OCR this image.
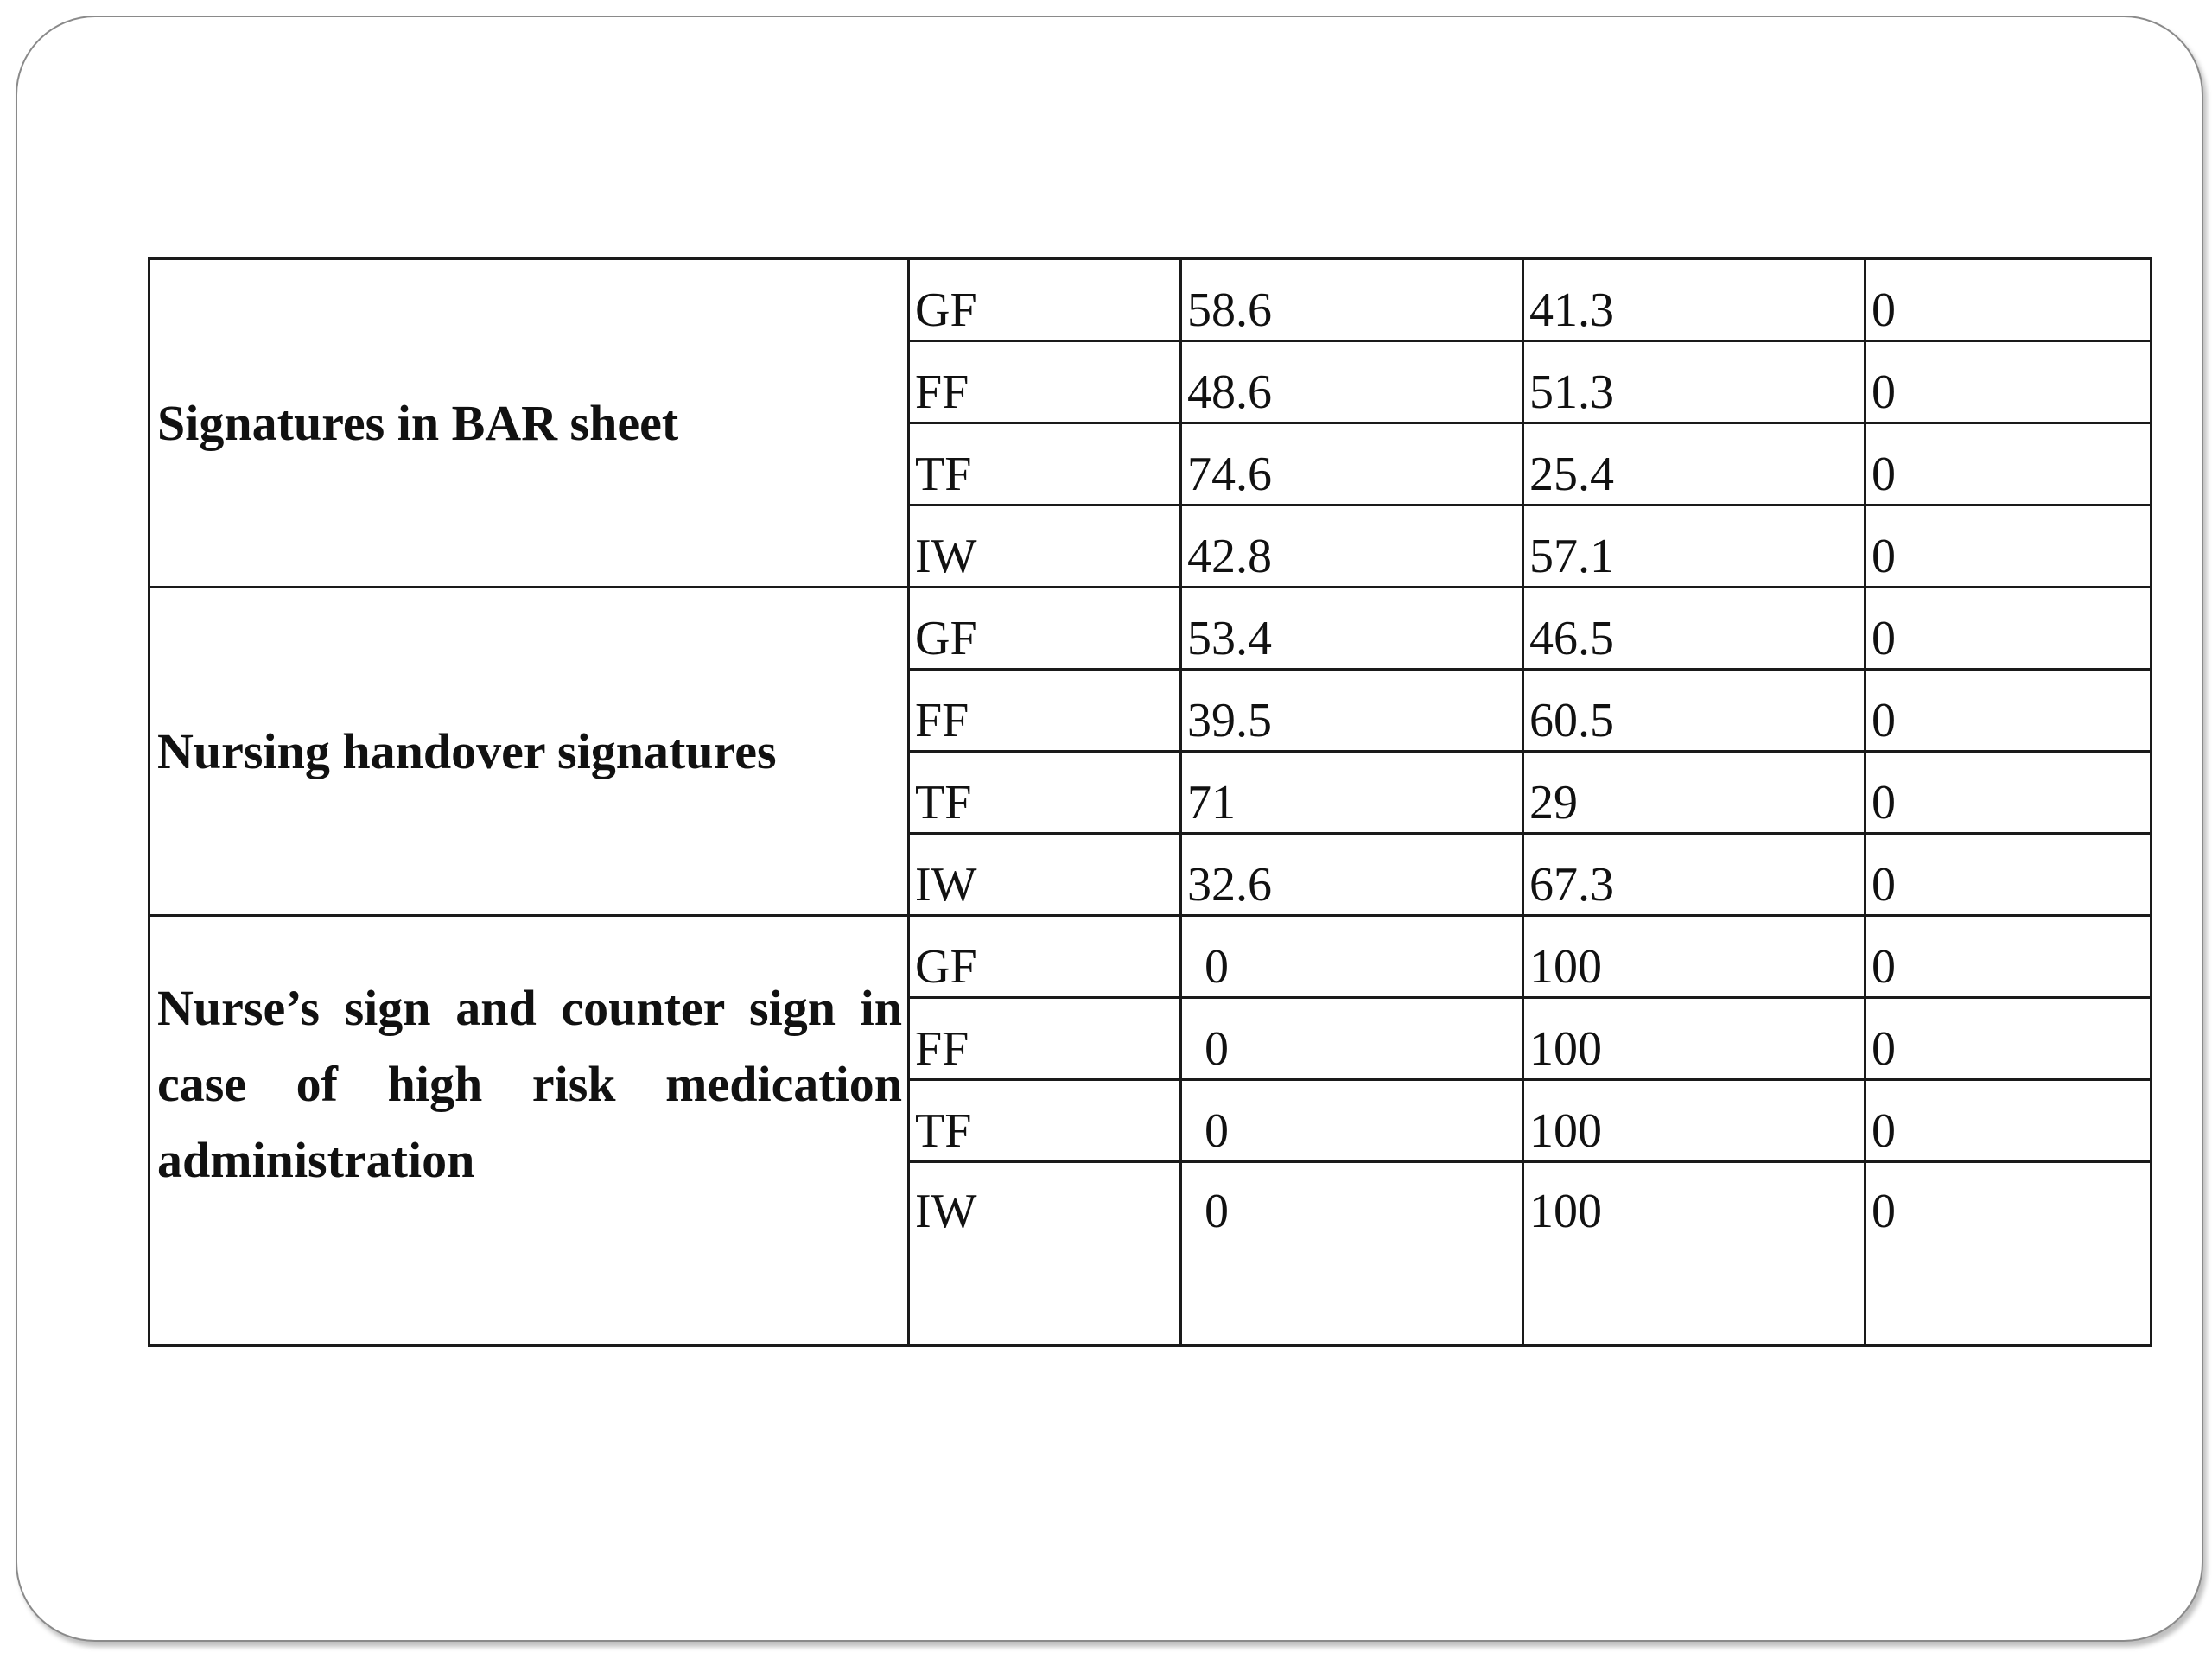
Signatures in BAR sheet	GF	58.6	41.3	0
	FF	48.6	51.3	0
	TF	74.6	25.4	0
	IW	42.8	57.1	0
Nursing handover signatures	GF	53.4	46.5	0
	FF	39.5	60.5	0
	TF	71	29	0
	IW	32.6	67.3	0
Nurse’s sign and counter sign in case of high risk medication administration	GF	0	100	0
	FF	0	100	0
	TF	0	100	0
	IW	0	100	0
